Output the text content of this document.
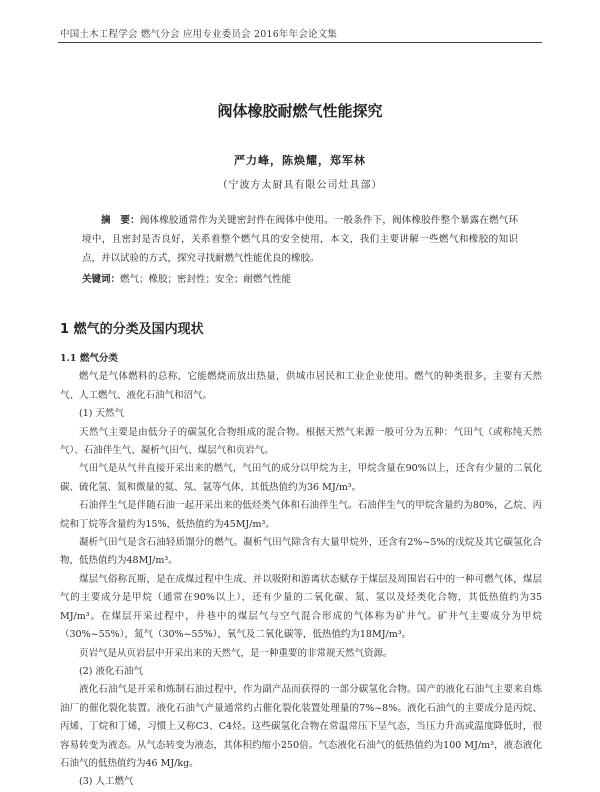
中国土木工程学会 燃气分会 应用专业委员会 2016年年会论文集
阀体橡胶耐燃气性能探究
严力峰，陈焕耀，郑军林
（宁波方太厨具有限公司灶具部）
摘　要：阀体橡胶通常作为关键密封件在阀体中使用。一般条件下，阀体橡胶件整个暴露在燃气环境中，且密封是否良好，关系着整个燃气具的安全使用，本文，我们主要讲解一些燃气和橡胶的知识点，并以试验的方式，探究寻找耐燃气性能优良的橡胶。
关键词：燃气；橡胶；密封性；安全；耐燃气性能
1 燃气的分类及国内现状

1.1 燃气分类

燃气是气体燃料的总称，它能燃烧而放出热量，供城市居民和工业企业使用。燃气的种类很多，主要有天然气、人工燃气、液化石油气和沼气。

(1) 天然气

天然气主要是由低分子的碳氢化合物组成的混合物。根据天然气来源一般可分为五种：气田气（或称纯天然气）、石油伴生气、凝析气田气、煤层气和页岩气。

气田气是从气井直接开采出来的燃气，气田气的成分以甲烷为主，甲烷含量在90%以上，还含有少量的二氧化碳、硫化氢、氮和微量的氦、氖、氩等气体，其低热值约为36 MJ/m³。

石油伴生气是伴随石油一起开采出来的低烃类气体和石油伴生气。石油伴生气的甲烷含量约为80%，乙烷、丙烷和丁烷等含量约为15%，低热值约为45MJ/m³。

凝析气田气是含石油轻质馏分的燃气。凝析气田气除含有大量甲烷外，还含有2%~5%的戊烷及其它碳氢化合物，低热值约为48MJ/m³。

煤层气俗称瓦斯，是在成煤过程中生成、并以吸附和游离状态赋存于煤层及周围岩石中的一种可燃气体，煤层气的主要成分是甲烷（通常在90%以上），还有少量的二氧化碳、氮、氢以及烃类化合物，其低热值约为35 MJ/m³。在煤层开采过程中，井巷中的煤层气与空气混合形成的气体称为矿井气。矿井气主要成分为甲烷（30%~55%），氮气（30%~55%），氧气及二氧化碳等，低热值约为18MJ/m³。

页岩气是从页岩层中开采出来的天然气，是一种重要的非常规天然气资源。

(2) 液化石油气

液化石油气是开采和炼制石油过程中，作为副产品而获得的一部分碳氢化合物。国产的液化石油气主要来自炼油厂的催化裂化装置。液化石油气产量通常约占催化裂化装置处理量的7%~8%。液化石油气的主要成分是丙烷、丙烯、丁烷和丁烯，习惯上又称C3、C4烃。这些碳氢化合物在常温常压下呈气态，当压力升高或温度降低时，很容易转变为液态。从气态转变为液态，其体积约缩小250倍。气态液化石油气的低热值约为100 MJ/m³，液态液化石油气的低热值约为46 MJ/kg。

(3) 人工燃气
